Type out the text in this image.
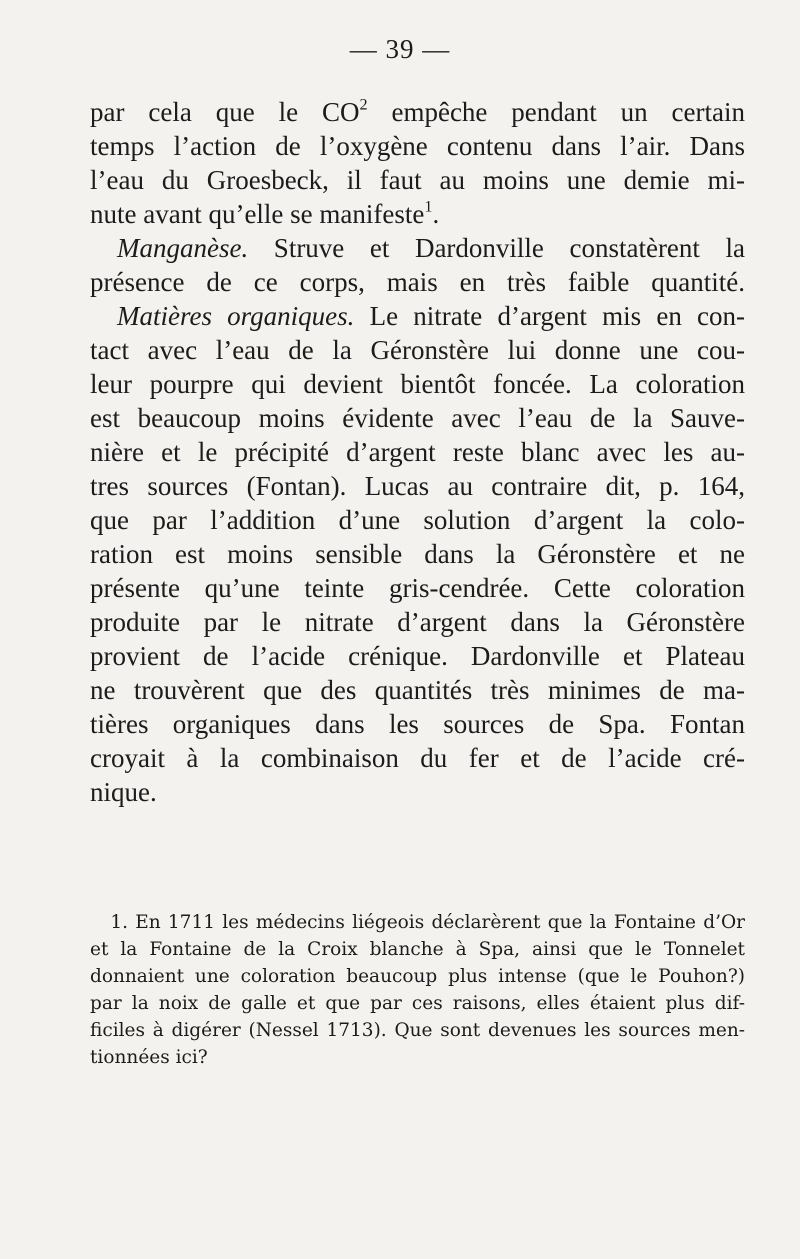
— 39 —
par cela que le $CO^2$ empêche pendant un certain
temps l’action de l’oxygène contenu dans l’air. Dans
l’eau du Groesbeck, il faut au moins une demie mi-
nute avant qu’elle se manifeste$^1$.
Manganèse. Struve et Dardonville constatèrent la
présence de ce corps, mais en très faible quantité.
Matières organiques. Le nitrate d’argent mis en con-
tact avec l’eau de la Géronstère lui donne une cou-
leur pourpre qui devient bientôt foncée. La coloration
est beaucoup moins évidente avec l’eau de la Sauve-
nière et le précipité d’argent reste blanc avec les au-
tres sources (Fontan). Lucas au contraire dit, p. 164,
que par l’addition d’une solution d’argent la colo-
ration est moins sensible dans la Géronstère et ne
présente qu’une teinte gris-cendrée. Cette coloration
produite par le nitrate d’argent dans la Géronstère
provient de l’acide crénique. Dardonville et Plateau
ne trouvèrent que des quantités très minimes de ma-
tières organiques dans les sources de Spa. Fontan
croyait à la combinaison du fer et de l’acide cré-
nique.
1. En 1711 les médecins liégeois déclarèrent que la Fontaine d’Or
et la Fontaine de la Croix blanche à Spa, ainsi que le Tonnelet
donnaient une coloration beaucoup plus intense (que le Pouhon?)
par la noix de galle et que par ces raisons, elles étaient plus dif-
ficiles à digérer (Nessel 1713). Que sont devenues les sources men-
tionnées ici?
